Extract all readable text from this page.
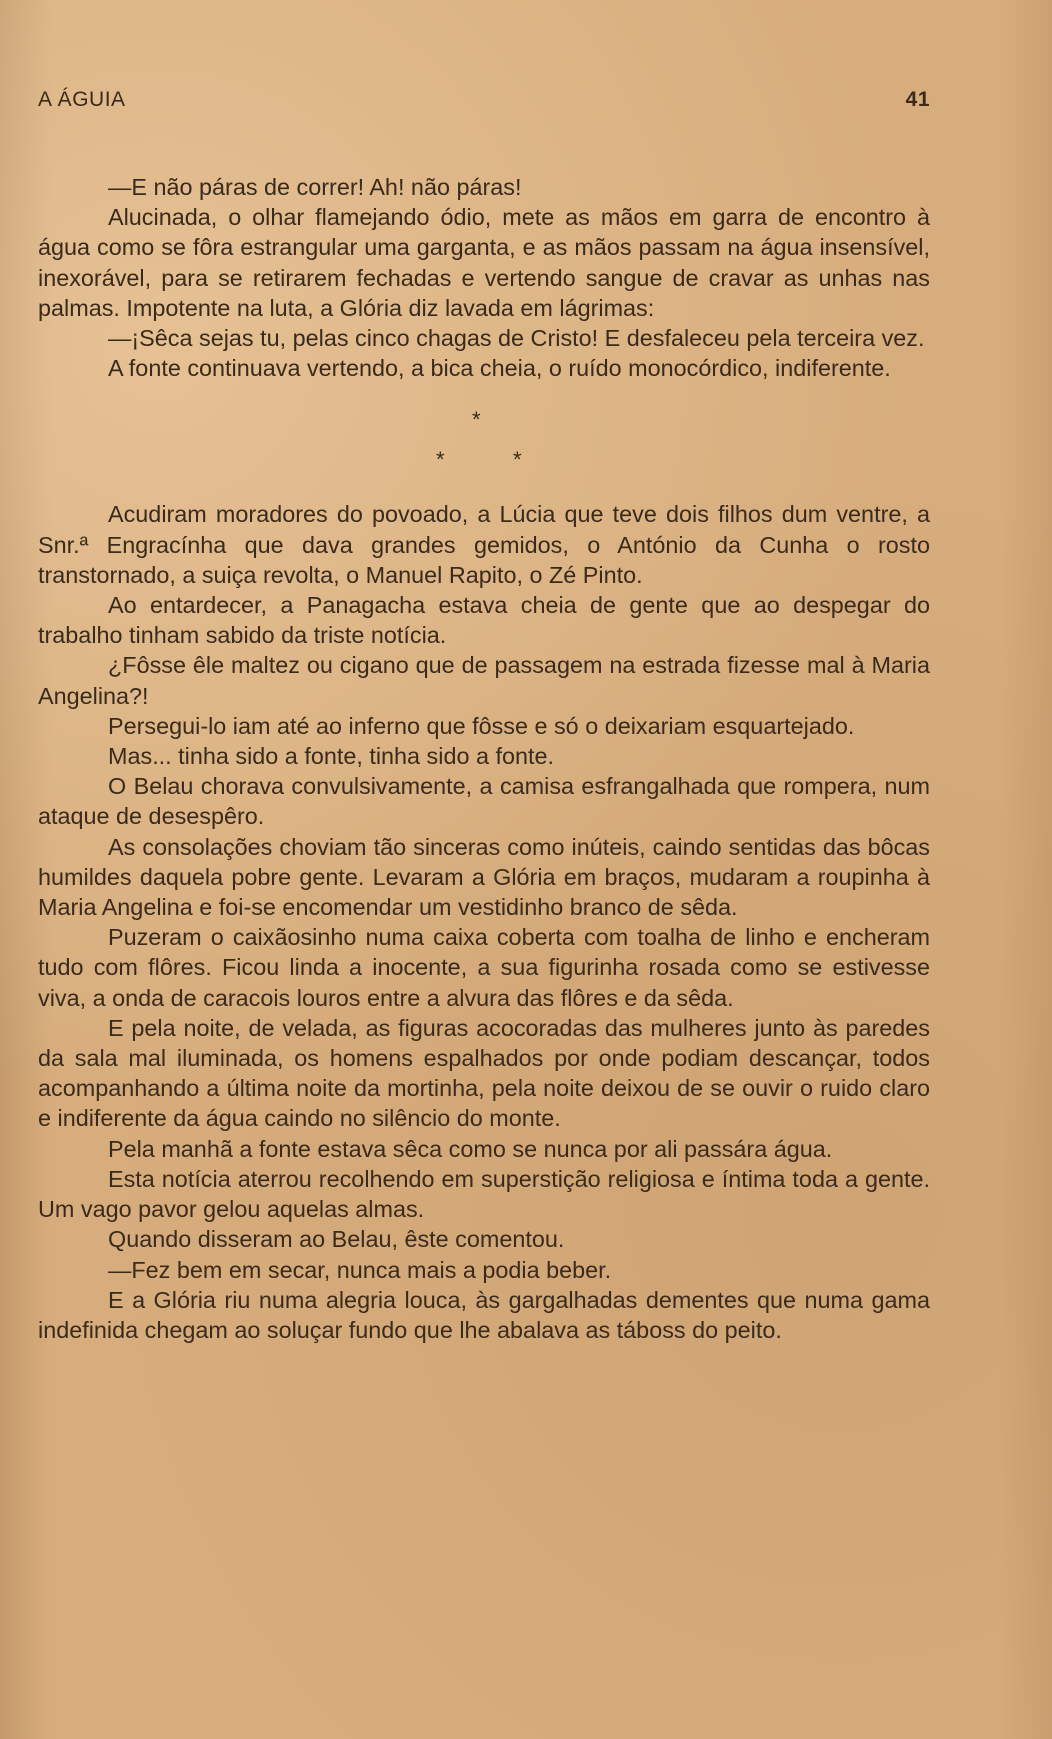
A ÁGUIA	41

—E não páras de correr! Ah! não páras!

Alucinada, o olhar flamejando ódio, mete as mãos em garra de encontro à água como se fôra estrangular uma garganta, e as mãos passam na água insensível, inexorável, para se retirarem fechadas e vertendo sangue de cravar as unhas nas palmas. Impotente na luta, a Glória diz lavada em lágrimas:

—¡Sêca sejas tu, pelas cinco chagas de Cristo! E desfaleceu pela terceira vez.

A fonte continuava vertendo, a bica cheia, o ruído monocórdico, indiferente.

*
*	*

Acudiram moradores do povoado, a Lúcia que teve dois filhos dum ventre, a Snr.ª Engracínha que dava grandes gemidos, o António da Cunha o rosto transtornado, a suiça revolta, o Manuel Rapito, o Zé Pinto.

Ao entardecer, a Panagacha estava cheia de gente que ao despegar do trabalho tinham sabido da triste notícia.

¿Fôsse êle maltez ou cigano que de passagem na estrada fizesse mal à Maria Angelina?!

Persegui-lo iam até ao inferno que fôsse e só o deixariam esquartejado.

Mas... tinha sido a fonte, tinha sido a fonte.

O Belau chorava convulsivamente, a camisa esfrangalhada que rompera, num ataque de desespêro.

As consolações choviam tão sinceras como inúteis, caindo sentidas das bôcas humildes daquela pobre gente. Levaram a Glória em braços, mudaram a roupinha à Maria Angelina e foi-se encomendar um vestidinho branco de sêda.

Puzeram o caixãosinho numa caixa coberta com toalha de linho e encheram tudo com flôres. Ficou linda a inocente, a sua figurinha rosada como se estivesse viva, a onda de caracois louros entre a alvura das flôres e da sêda.

E pela noite, de velada, as figuras acocoradas das mulheres junto às paredes da sala mal iluminada, os homens espalhados por onde podiam descançar, todos acompanhando a última noite da mortinha, pela noite deixou de se ouvir o ruido claro e indiferente da água caindo no silêncio do monte.

Pela manhã a fonte estava sêca como se nunca por ali passára água.

Esta notícia aterrou recolhendo em superstição religiosa e íntima toda a gente. Um vago pavor gelou aquelas almas.

Quando disseram ao Belau, êste comentou.

—Fez bem em secar, nunca mais a podia beber.

E a Glória riu numa alegria louca, às gargalhadas dementes que numa gama indefinida chegam ao soluçar fundo que lhe abalava as táboss do peito.
